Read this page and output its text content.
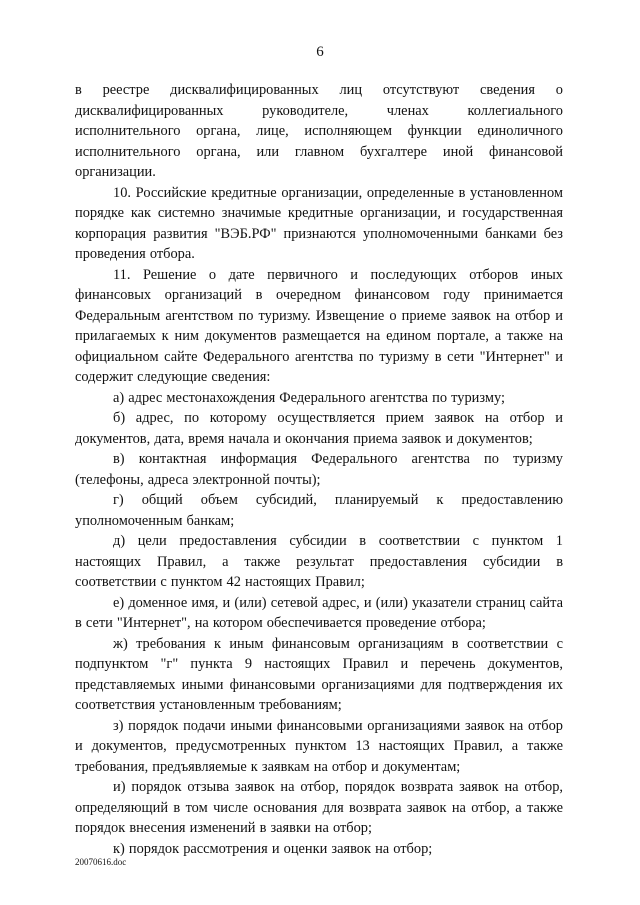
6

в реестре дисквалифицированных лиц отсутствуют сведения о дисквалифицированных руководителе, членах коллегиального исполнительного органа, лице, исполняющем функции единоличного исполнительного органа, или главном бухгалтере иной финансовой организации.

10. Российские кредитные организации, определенные в установленном порядке как системно значимые кредитные организации, и государственная корпорация развития "ВЭБ.РФ" признаются уполномоченными банками без проведения отбора.

11. Решение о дате первичного и последующих отборов иных финансовых организаций в очередном финансовом году принимается Федеральным агентством по туризму. Извещение о приеме заявок на отбор и прилагаемых к ним документов размещается на едином портале, а также на официальном сайте Федерального агентства по туризму в сети "Интернет" и содержит следующие сведения:

а) адрес местонахождения Федерального агентства по туризму;

б) адрес, по которому осуществляется прием заявок на отбор и документов, дата, время начала и окончания приема заявок и документов;

в) контактная информация Федерального агентства по туризму (телефоны, адреса электронной почты);

г) общий объем субсидий, планируемый к предоставлению уполномоченным банкам;

д) цели предоставления субсидии в соответствии с пунктом 1 настоящих Правил, а также результат предоставления субсидии в соответствии с пунктом 42 настоящих Правил;

е) доменное имя, и (или) сетевой адрес, и (или) указатели страниц сайта в сети "Интернет", на котором обеспечивается проведение отбора;

ж) требования к иным финансовым организациям в соответствии с подпунктом "г" пункта 9 настоящих Правил и перечень документов, представляемых иными финансовыми организациями для подтверждения их соответствия установленным требованиям;

з) порядок подачи иными финансовыми организациями заявок на отбор и документов, предусмотренных пунктом 13 настоящих Правил, а также требования, предъявляемые к заявкам на отбор и документам;

и) порядок отзыва заявок на отбор, порядок возврата заявок на отбор, определяющий в том числе основания для возврата заявок на отбор, а также порядок внесения изменений в заявки на отбор;

к) порядок рассмотрения и оценки заявок на отбор;

20070616.doc
